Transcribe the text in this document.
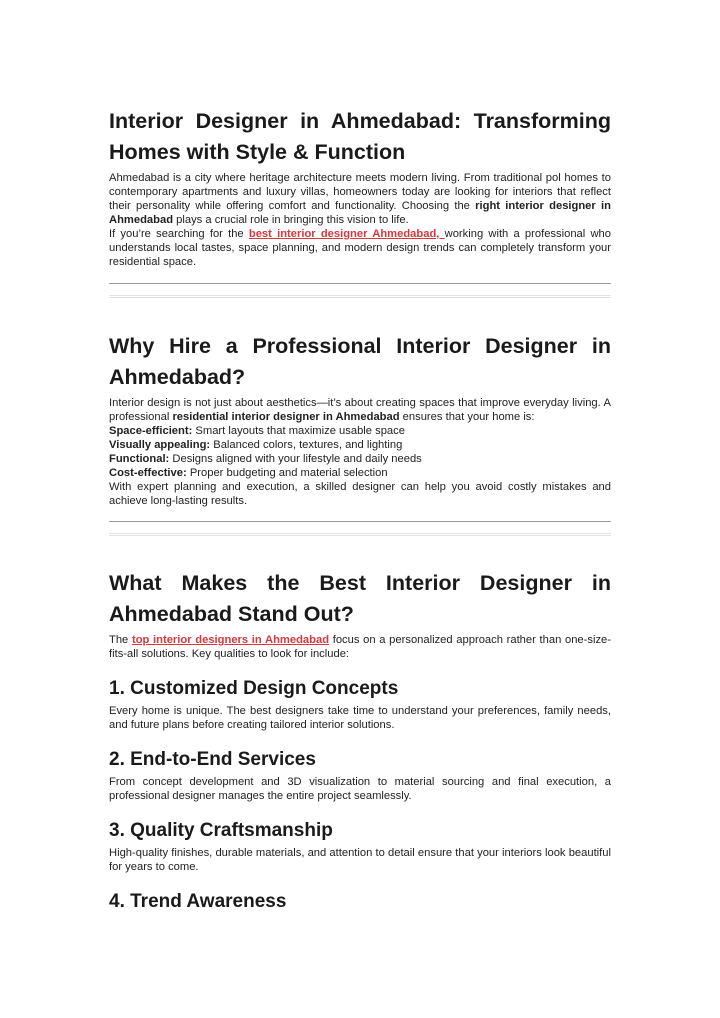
Interior Designer in Ahmedabad: Transforming Homes with Style & Function

Ahmedabad is a city where heritage architecture meets modern living. From traditional pol homes to contemporary apartments and luxury villas, homeowners today are looking for interiors that reflect their personality while offering comfort and functionality. Choosing the right interior designer in Ahmedabad plays a crucial role in bringing this vision to life.

If you’re searching for the best interior designer Ahmedabad, working with a professional who understands local tastes, space planning, and modern design trends can completely transform your residential space.

Why Hire a Professional Interior Designer in Ahmedabad?

Interior design is not just about aesthetics—it’s about creating spaces that improve everyday living. A professional residential interior designer in Ahmedabad ensures that your home is:

Space-efficient: Smart layouts that maximize usable space

Visually appealing: Balanced colors, textures, and lighting

Functional: Designs aligned with your lifestyle and daily needs

Cost-effective: Proper budgeting and material selection

With expert planning and execution, a skilled designer can help you avoid costly mistakes and achieve long-lasting results.

What Makes the Best Interior Designer in Ahmedabad Stand Out?

The top interior designers in Ahmedabad focus on a personalized approach rather than one-size-fits-all solutions. Key qualities to look for include:

1. Customized Design Concepts

Every home is unique. The best designers take time to understand your preferences, family needs, and future plans before creating tailored interior solutions.

2. End-to-End Services

From concept development and 3D visualization to material sourcing and final execution, a professional designer manages the entire project seamlessly.

3. Quality Craftsmanship

High-quality finishes, durable materials, and attention to detail ensure that your interiors look beautiful for years to come.

4. Trend Awareness
